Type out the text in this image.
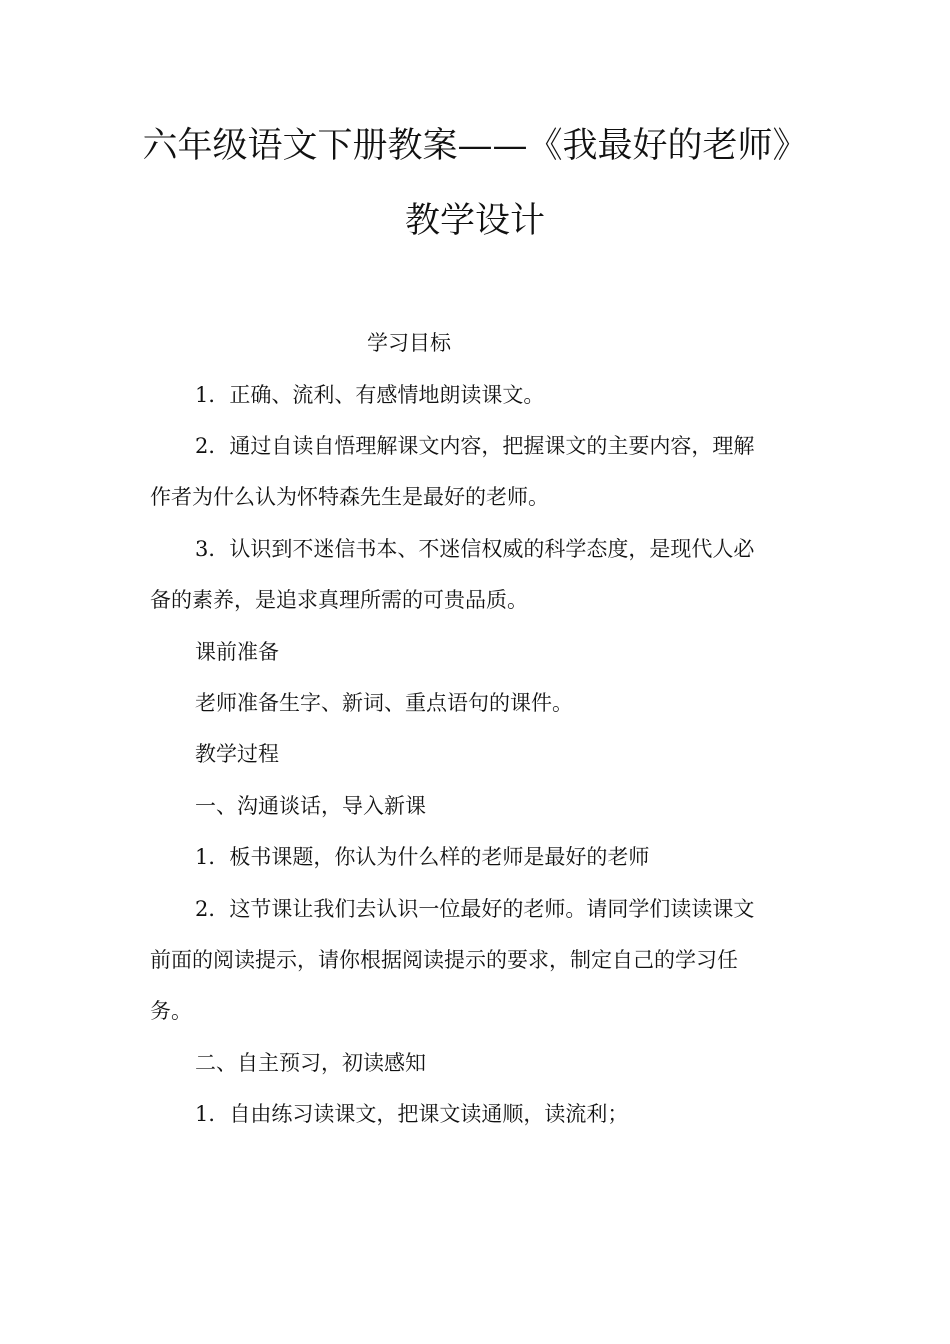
六年级语文下册教案——《我最好的老师》
教学设计
学习目标
1．正确、流利、有感情地朗读课文。
2．通过自读自悟理解课文内容，把握课文的主要内容，理解
作者为什么认为怀特森先生是最好的老师。
3．认识到不迷信书本、不迷信权威的科学态度，是现代人必
备的素养，是追求真理所需的可贵品质。
课前准备
老师准备生字、新词、重点语句的课件。
教学过程
一、沟通谈话，导入新课
1．板书课题，你认为什么样的老师是最好的老师
2．这节课让我们去认识一位最好的老师。请同学们读读课文
前面的阅读提示，请你根据阅读提示的要求，制定自己的学习任
务。
二、自主预习，初读感知
1．自由练习读课文，把课文读通顺，读流利；
